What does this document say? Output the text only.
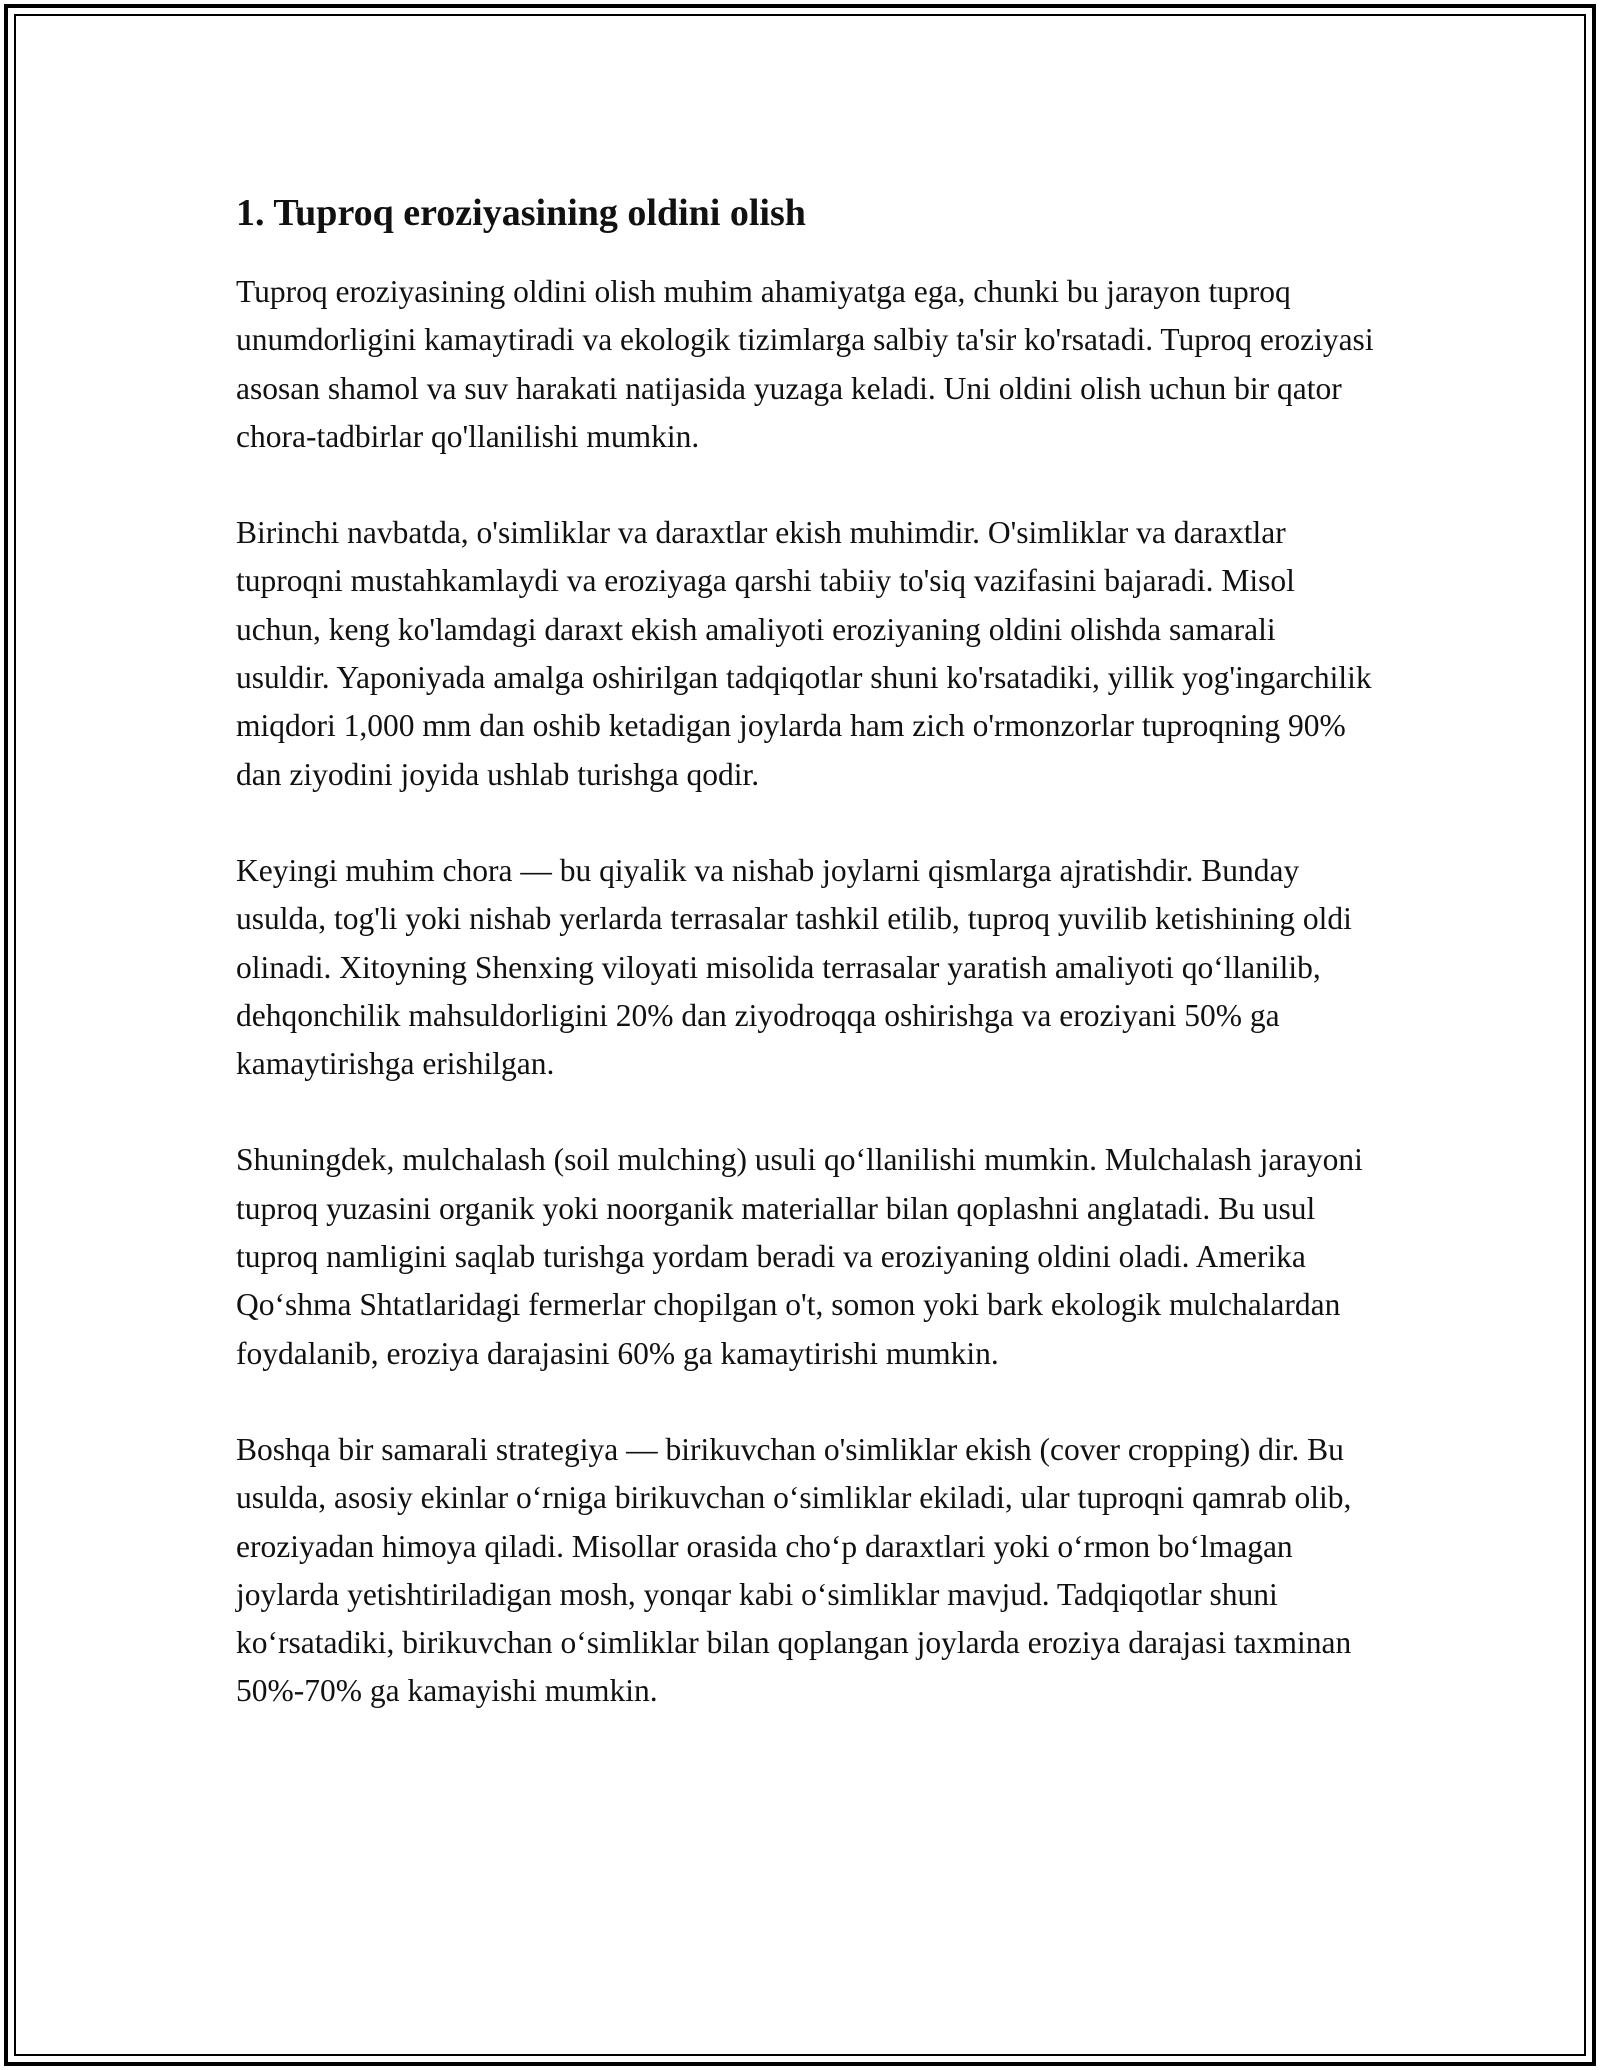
1. Tuproq eroziyasining oldini olish

Tuproq eroziyasining oldini olish muhim ahamiyatga ega, chunki bu jarayon tuproq unumdorligini kamaytiradi va ekologik tizimlarga salbiy ta'sir ko'rsatadi. Tuproq eroziyasi asosan shamol va suv harakati natijasida yuzaga keladi. Uni oldini olish uchun bir qator chora-tadbirlar qo'llanilishi mumkin.

Birinchi navbatda, o'simliklar va daraxtlar ekish muhimdir. O'simliklar va daraxtlar tuproqni mustahkamlaydi va eroziyaga qarshi tabiiy to'siq vazifasini bajaradi. Misol uchun, keng ko'lamdagi daraxt ekish amaliyoti eroziyaning oldini olishda samarali usuldir. Yaponiyada amalga oshirilgan tadqiqotlar shuni ko'rsatadiki, yillik yog'ingarchilik miqdori 1,000 mm dan oshib ketadigan joylarda ham zich o'rmonzorlar tuproqning 90% dan ziyodini joyida ushlab turishga qodir.

Keyingi muhim chora — bu qiyalik va nishab joylarni qismlarga ajratishdir. Bunday usulda, tog'li yoki nishab yerlarda terrasalar tashkil etilib, tuproq yuvilib ketishining oldi olinadi. Xitoyning Shenxing viloyati misolida terrasalar yaratish amaliyoti qo‘llanilib, dehqonchilik mahsuldorligini 20% dan ziyodroqqa oshirishga va eroziyani 50% ga kamaytirishga erishilgan.

Shuningdek, mulchalash (soil mulching) usuli qo‘llanilishi mumkin. Mulchalash jarayoni tuproq yuzasini organik yoki noorganik materiallar bilan qoplashni anglatadi. Bu usul tuproq namligini saqlab turishga yordam beradi va eroziyaning oldini oladi. Amerika Qo‘shma Shtatlaridagi fermerlar chopilgan o't, somon yoki bark ekologik mulchalardan foydalanib, eroziya darajasini 60% ga kamaytirishi mumkin.

Boshqa bir samarali strategiya — birikuvchan o'simliklar ekish (cover cropping) dir. Bu usulda, asosiy ekinlar o‘rniga birikuvchan o‘simliklar ekiladi, ular tuproqni qamrab olib, eroziyadan himoya qiladi. Misollar orasida cho‘p daraxtlari yoki o‘rmon bo‘lmagan joylarda yetishtiriladigan mosh, yonqar kabi o‘simliklar mavjud. Tadqiqotlar shuni ko‘rsatadiki, birikuvchan o‘simliklar bilan qoplangan joylarda eroziya darajasi taxminan 50%-70% ga kamayishi mumkin.
